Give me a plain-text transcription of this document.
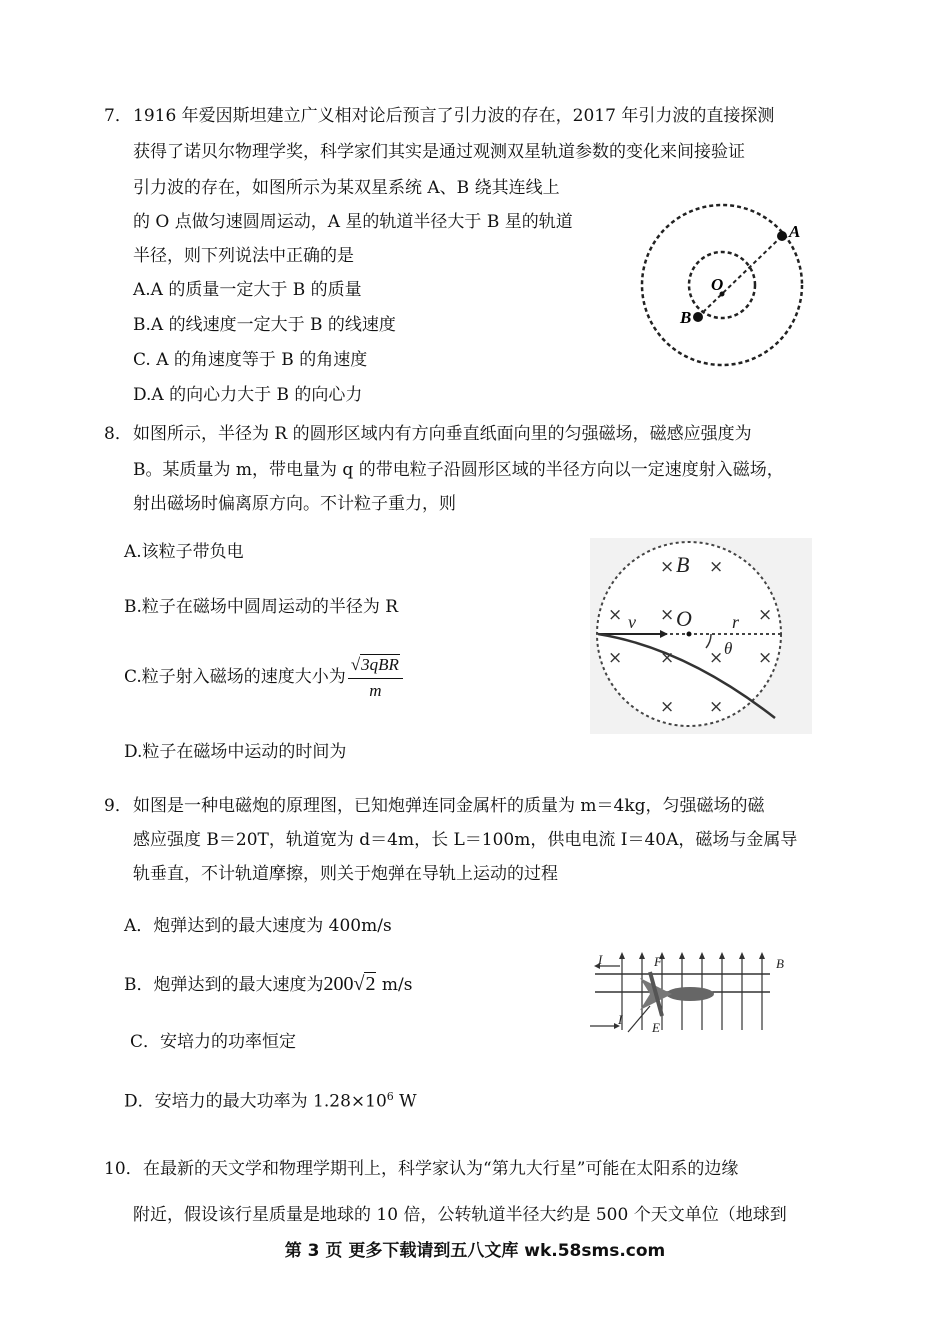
7． 1916 年爱因斯坦建立广义相对论后预言了引力波的存在，2017 年引力波的直接探测
获得了诺贝尔物理学奖，科学家们其实是通过观测双星轨道参数的变化来间接验证
引力波的存在，如图所示为某双星系统 A、B 绕其连线上
的 O 点做匀速圆周运动，A 星的轨道半径大于 B 星的轨道
半径，则下列说法中正确的是
A.A 的质量一定大于 B 的质量
B.A 的线速度一定大于 B 的线速度
C. A 的角速度等于 B 的角速度
D.A 的向心力大于 B 的向心力
A
O
B
8． 如图所示，半径为 R 的圆形区域内有方向垂直纸面向里的匀强磁场，磁感应强度为
B。某质量为 m，带电量为 q 的带电粒子沿圆形区域的半径方向以一定速度射入磁场，
射出磁场时偏离原方向。不计粒子重力，则
A.该粒子带负电
B.粒子在磁场中圆周运动的半径为 R
C.粒子射入磁场的速度大小为 $\frac{\text{√3qBR}}{m}$
D.粒子在磁场中运动的时间为
× ×
× ×	×
× × × ×
× ×
B
O
v	r
θ
9． 如图是一种电磁炮的原理图，已知炮弹连同金属杆的质量为 m＝4kg，匀强磁场的磁
感应强度 B＝20T，轨道宽为 d＝4m，长 L＝100m，供电电流 I＝40A，磁场与金属导
轨垂直，不计轨道摩擦，则关于炮弹在导轨上运动的过程
A．炮弹达到的最大速度为 400m/s
B．炮弹达到的最大速度为200√2 m/s
C．安培力的功率恒定
D．安培力的最大功率为 $1.28\times 10^6$ W
I	F	B
I
E
10． 在最新的天文学和物理学期刊上，科学家认为“第九大行星”可能在太阳系的边缘
附近，假设该行星质量是地球的 10 倍，公转轨道半径大约是 500 个天文单位（地球到
第 3 页 更多下载请到五八文库 wk.58sms.com
